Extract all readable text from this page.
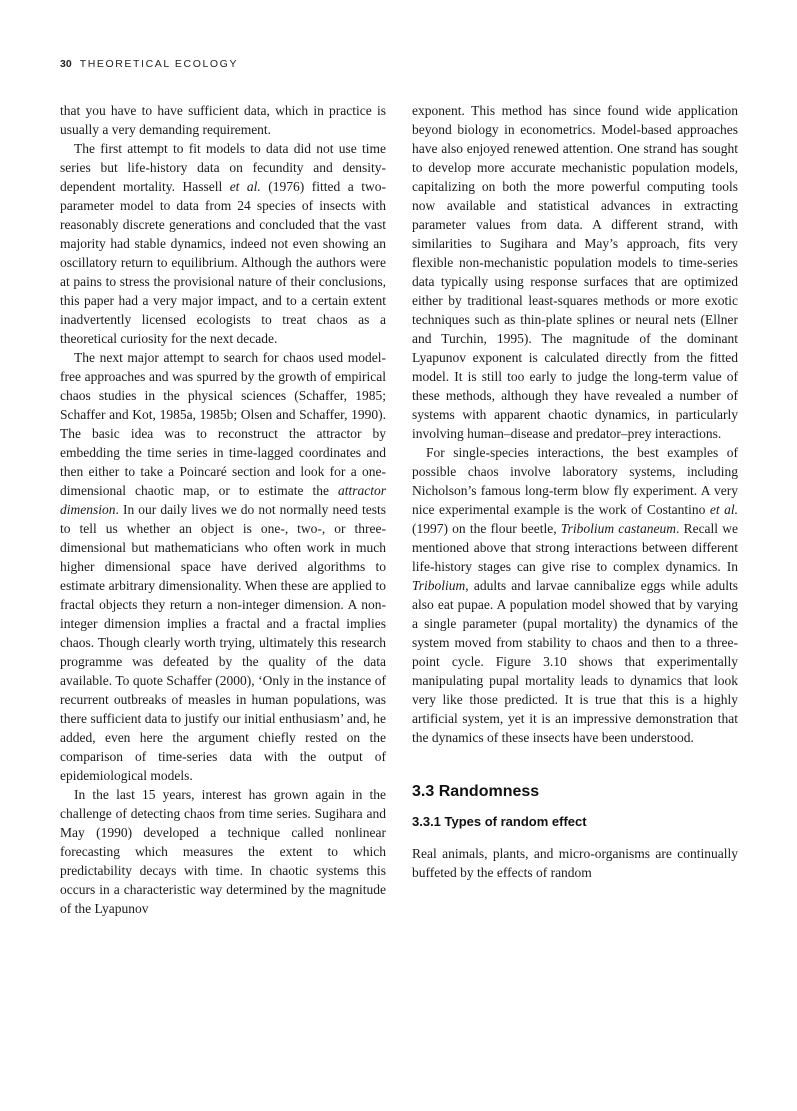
30 THEORETICAL ECOLOGY

that you have to have sufficient data, which in practice is usually a very demanding requirement.

The first attempt to fit models to data did not use time series but life-history data on fecundity and density-dependent mortality. Hassell et al. (1976) fitted a two-parameter model to data from 24 species of insects with reasonably discrete generations and concluded that the vast majority had stable dynamics, indeed not even showing an oscillatory return to equilibrium. Although the authors were at pains to stress the provisional nature of their conclusions, this paper had a very major impact, and to a certain extent inadvertently licensed ecologists to treat chaos as a theoretical curiosity for the next decade.

The next major attempt to search for chaos used model-free approaches and was spurred by the growth of empirical chaos studies in the physical sciences (Schaffer, 1985; Schaffer and Kot, 1985a, 1985b; Olsen and Schaffer, 1990). The basic idea was to reconstruct the attractor by embedding the time series in time-lagged coordinates and then either to take a Poincaré section and look for a one-dimensional chaotic map, or to estimate the attractor dimension. In our daily lives we do not normally need tests to tell us whether an object is one-, two-, or three-dimensional but mathematicians who often work in much higher dimensional space have derived algorithms to estimate arbitrary dimensionality. When these are applied to fractal objects they return a non-integer dimension. A non-integer dimension implies a fractal and a fractal implies chaos. Though clearly worth trying, ultimately this research programme was defeated by the quality of the data available. To quote Schaffer (2000), ‘Only in the instance of recurrent outbreaks of measles in human populations, was there sufficient data to justify our initial enthusiasm’ and, he added, even here the argument chiefly rested on the comparison of time-series data with the output of epidemiological models.

In the last 15 years, interest has grown again in the challenge of detecting chaos from time series. Sugihara and May (1990) developed a technique called nonlinear forecasting which measures the extent to which predictability decays with time. In chaotic systems this occurs in a characteristic way determined by the magnitude of the Lyapunov

exponent. This method has since found wide application beyond biology in econometrics. Model-based approaches have also enjoyed renewed attention. One strand has sought to develop more accurate mechanistic population models, capitalizing on both the more powerful computing tools now available and statistical advances in extracting parameter values from data. A different strand, with similarities to Sugihara and May’s approach, fits very flexible non-mechanistic population models to time-series data typically using response surfaces that are optimized either by traditional least-squares methods or more exotic techniques such as thin-plate splines or neural nets (Ellner and Turchin, 1995). The magnitude of the dominant Lyapunov exponent is calculated directly from the fitted model. It is still too early to judge the long-term value of these methods, although they have revealed a number of systems with apparent chaotic dynamics, in particularly involving human–disease and predator–prey interactions.

For single-species interactions, the best examples of possible chaos involve laboratory systems, including Nicholson’s famous long-term blow fly experiment. A very nice experimental example is the work of Costantino et al. (1997) on the flour beetle, Tribolium castaneum. Recall we mentioned above that strong interactions between different life-history stages can give rise to complex dynamics. In Tribolium, adults and larvae cannibalize eggs while adults also eat pupae. A population model showed that by varying a single parameter (pupal mortality) the dynamics of the system moved from stability to chaos and then to a three-point cycle. Figure 3.10 shows that experimentally manipulating pupal mortality leads to dynamics that look very like those predicted. It is true that this is a highly artificial system, yet it is an impressive demonstration that the dynamics of these insects have been understood.

3.3 Randomness
3.3.1 Types of random effect

Real animals, plants, and micro-organisms are continually buffeted by the effects of random
